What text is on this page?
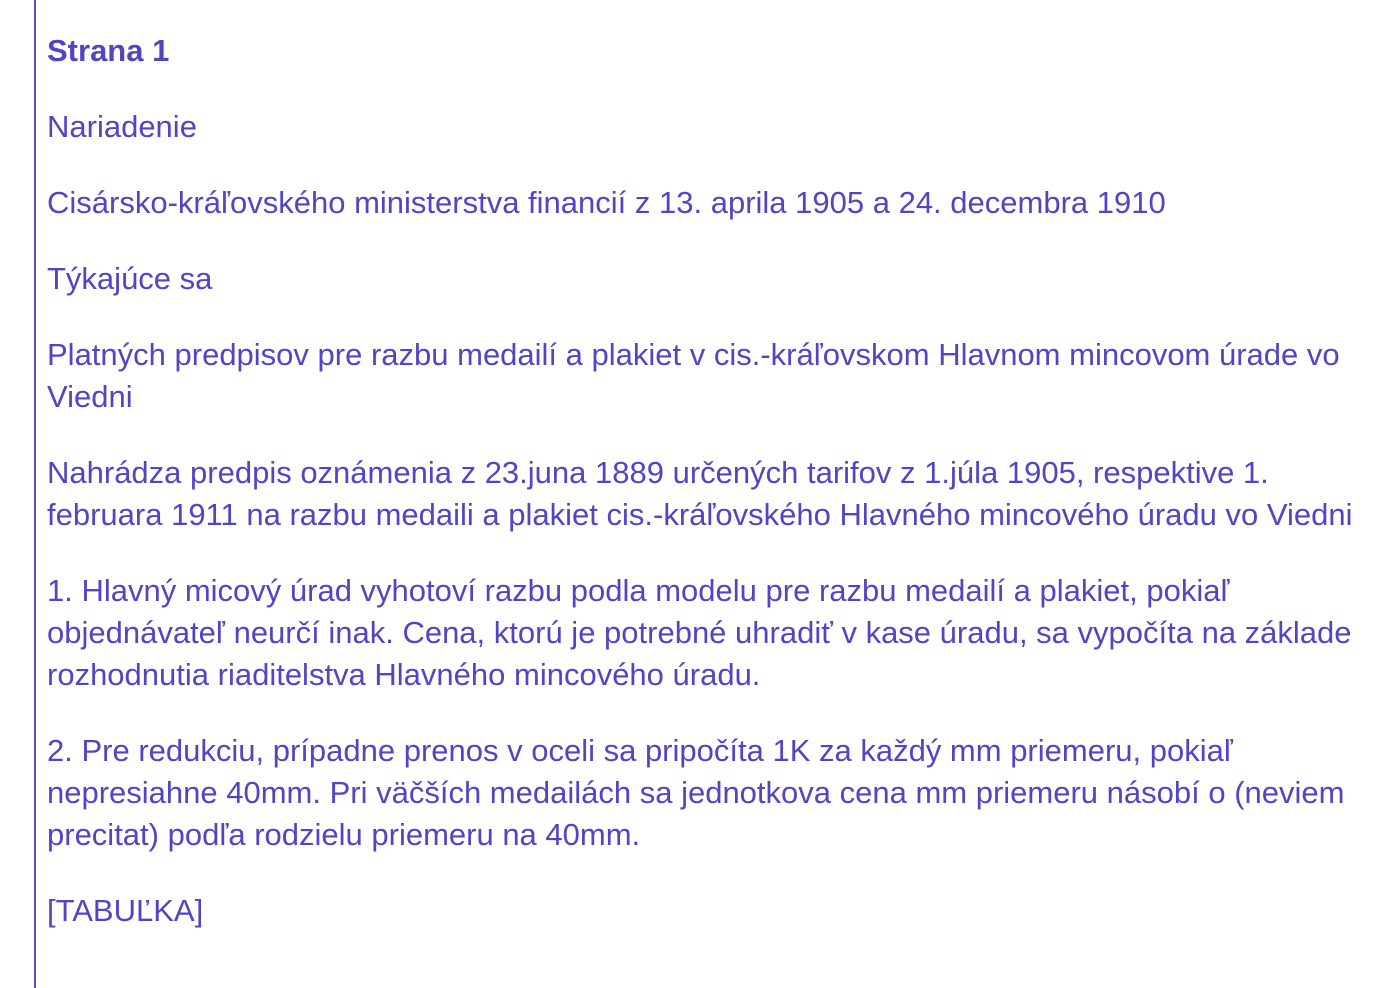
Strana 1

Nariadenie

Cisársko-kráľovského ministerstva financií z 13. aprila 1905 a 24. decembra 1910

Týkajúce sa

Platných predpisov pre razbu medailí a plakiet v cis.-kráľovskom Hlavnom mincovom úrade vo Viedni

Nahrádza predpis oznámenia z 23.juna 1889 určených tarifov z 1.júla 1905, respektive 1. februara 1911 na razbu medaili a plakiet cis.-kráľovského Hlavného mincového úradu vo Viedni

1. Hlavný micový úrad vyhotoví razbu podla modelu pre razbu medailí a plakiet, pokiaľ objednávateľ neurčí inak. Cena, ktorú je potrebné uhradiť v kase úradu, sa vypočíta na základe rozhodnutia riaditelstva Hlavného mincového úradu.

2. Pre redukciu, prípadne prenos v oceli sa pripočíta 1K za každý mm priemeru, pokiaľ nepresiahne 40mm. Pri väčších medailách sa jednotkova cena mm priemeru násobí o (neviem precitat) podľa rodzielu priemeru na 40mm.

[TABUĽKA]
